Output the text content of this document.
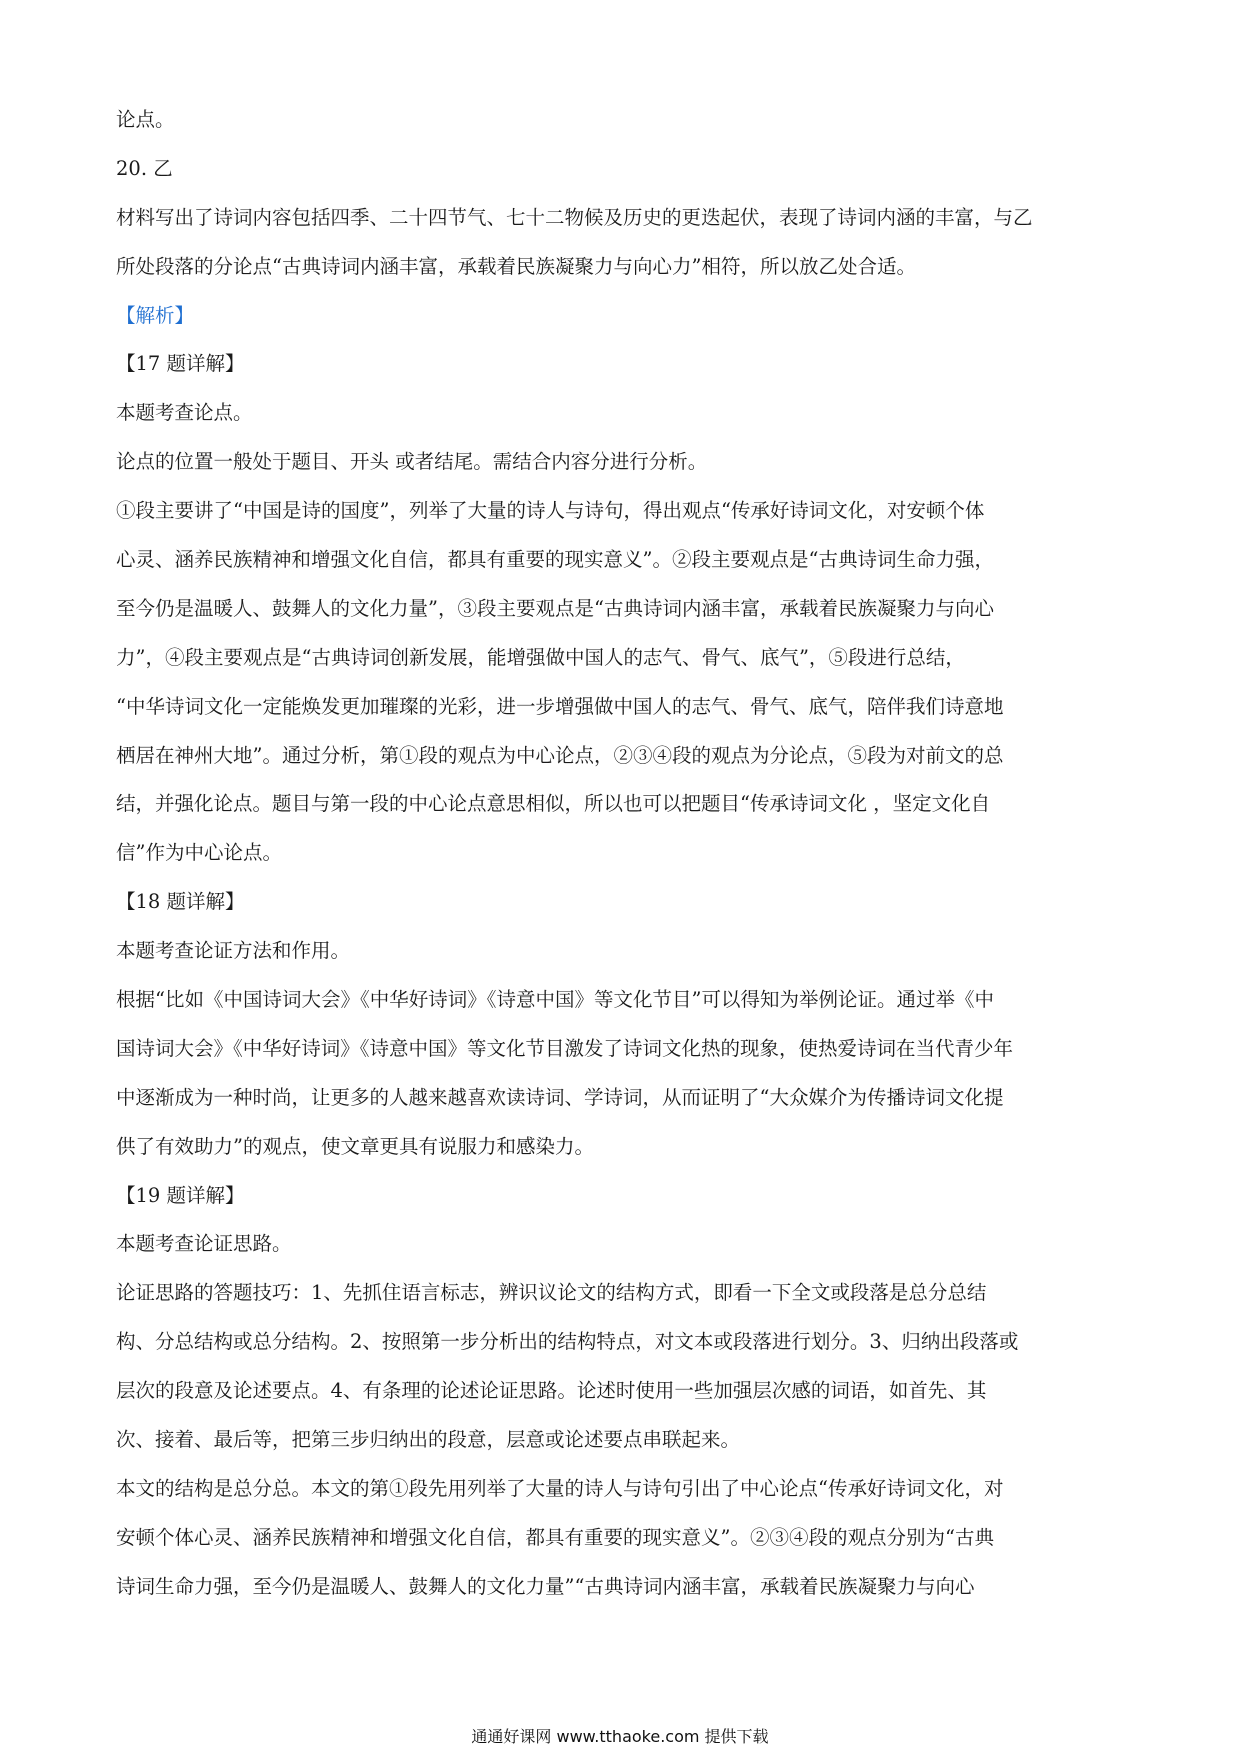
论点。
20. 乙
材料写出了诗词内容包括四季、二十四节气、七十二物候及历史的更迭起伏，表现了诗词内涵的丰富，与乙
所处段落的分论点“古典诗词内涵丰富，承载着民族凝聚力与向心力”相符，所以放乙处合适。
【解析】
【17 题详解】
本题考查论点。
论点的位置一般处于题目、开头 或者结尾。需结合内容分进行分析。
①段主要讲了“中国是诗的国度”，列举了大量的诗人与诗句，得出观点“传承好诗词文化，对安顿个体
心灵、涵养民族精神和增强文化自信，都具有重要的现实意义”。②段主要观点是“古典诗词生命力强，
至今仍是温暖人、鼓舞人的文化力量”，③段主要观点是“古典诗词内涵丰富，承载着民族凝聚力与向心
力”，④段主要观点是“古典诗词创新发展，能增强做中国人的志气、骨气、底气”，⑤段进行总结，
“中华诗词文化一定能焕发更加璀璨的光彩，进一步增强做中国人的志气、骨气、底气，陪伴我们诗意地
栖居在神州大地”。通过分析，第①段的观点为中心论点，②③④段的观点为分论点，⑤段为对前文的总
结，并强化论点。题目与第一段的中心论点意思相似，所以也可以把题目“传承诗词文化 ，坚定文化自
信”作为中心论点。
【18 题详解】
本题考查论证方法和作用。
根据“比如《中国诗词大会》《中华好诗词》《诗意中国》等文化节目”可以得知为举例论证。通过举《中
国诗词大会》《中华好诗词》《诗意中国》等文化节目激发了诗词文化热的现象，使热爱诗词在当代青少年
中逐渐成为一种时尚，让更多的人越来越喜欢读诗词、学诗词，从而证明了“大众媒介为传播诗词文化提
供了有效助力”的观点，使文章更具有说服力和感染力。
【19 题详解】
本题考查论证思路。
论证思路的答题技巧：1、先抓住语言标志，辨识议论文的结构方式，即看一下全文或段落是总分总结
构、分总结构或总分结构。2、按照第一步分析出的结构特点，对文本或段落进行划分。3、归纳出段落或
层次的段意及论述要点。4、有条理的论述论证思路。论述时使用一些加强层次感的词语，如首先、其
次、接着、最后等，把第三步归纳出的段意，层意或论述要点串联起来。
本文的结构是总分总。本文的第①段先用列举了大量的诗人与诗句引出了中心论点“传承好诗词文化，对
安顿个体心灵、涵养民族精神和增强文化自信，都具有重要的现实意义”。②③④段的观点分别为“古典
诗词生命力强，至今仍是温暖人、鼓舞人的文化力量”“古典诗词内涵丰富，承载着民族凝聚力与向心
通通好课网 www.tthaoke.com 提供下载
